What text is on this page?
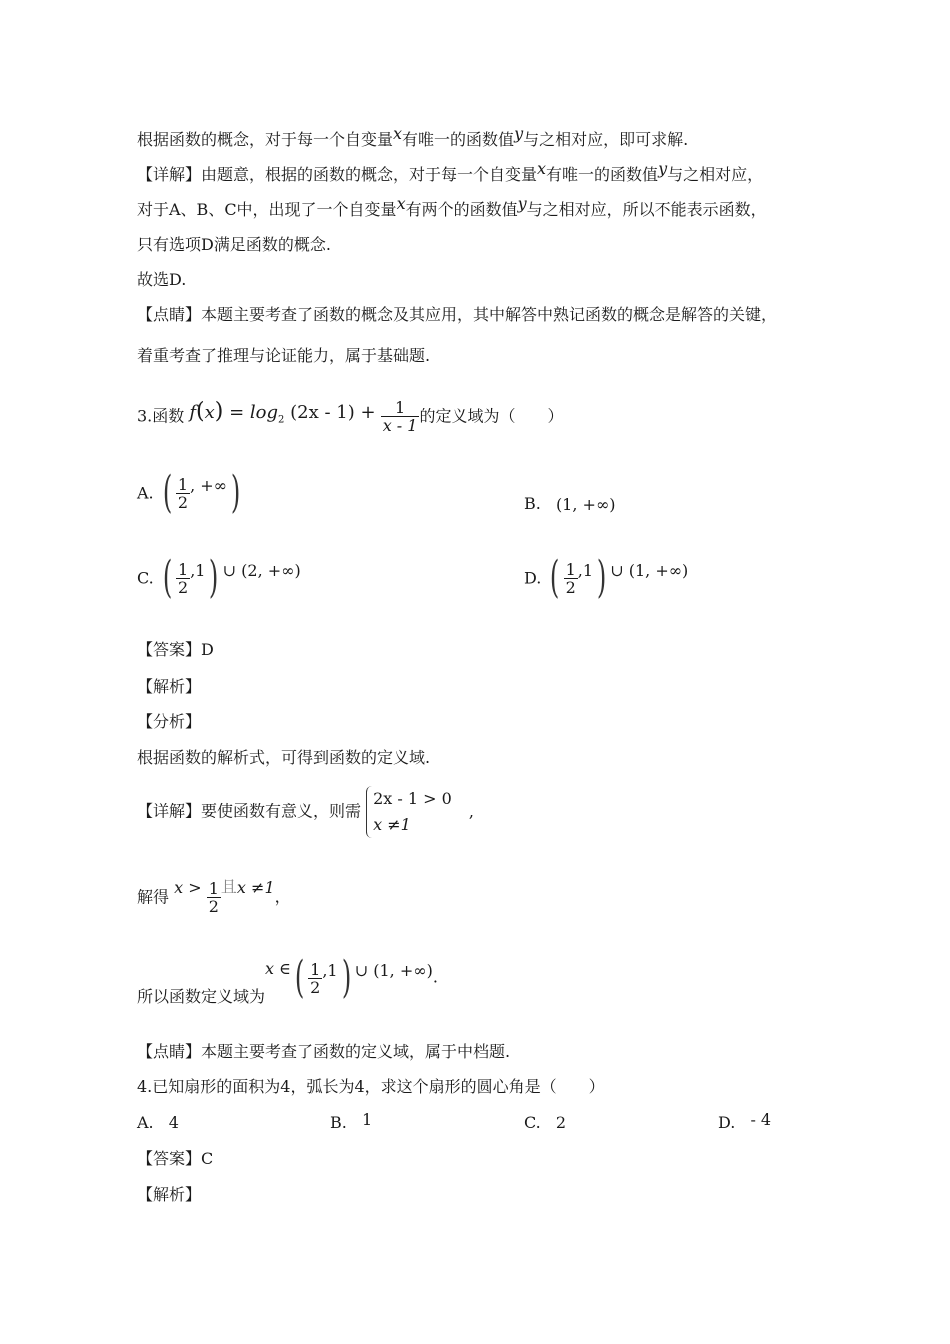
根据函数的概念，对于每一个自变量x有唯一的函数值y与之相对应，即可求解.
【详解】由题意，根据的函数的概念，对于每一个自变量x有唯一的函数值y与之相对应，
对于A、B、C中，出现了一个自变量x有两个的函数值y与之相对应，所以不能表示函数，
只有选项D满足函数的概念.
故选D.
【点睛】本题主要考查了函数的概念及其应用，其中解答中熟记函数的概念是解答的关键，
着重考查了推理与论证能力，属于基础题.
3.函数 $f(x) = \log_2 (2x - 1) + \frac{1}{x - 1}$ 的定义域为（　　）
A. ( $\frac{1}{2}$ , +∞)	B. (1, +∞)
C. ( $\frac{1}{2} ,1$) ∪ (2, +∞)	D. ( $\frac{1}{2} ,1$) ∪ (1, +∞)
【答案】D
【解析】
【分析】
根据函数的解析式，可得到函数的定义域.
【详解】要使函数有意义，则需
2x - 1 > 0
x ≠1
,
解得 $x > \frac{1}{2}$ 且x ≠1，
所以函数定义域为x ∈( $\frac{1}{2} ,1$) ∪ (1, +∞).
【点睛】本题主要考查了函数的定义域，属于中档题.
4.已知扇形的面积为4，弧长为4，求这个扇形的圆心角是（　　）
A. 4	B. 1	C. 2	D. - 4
【答案】C
【解析】
